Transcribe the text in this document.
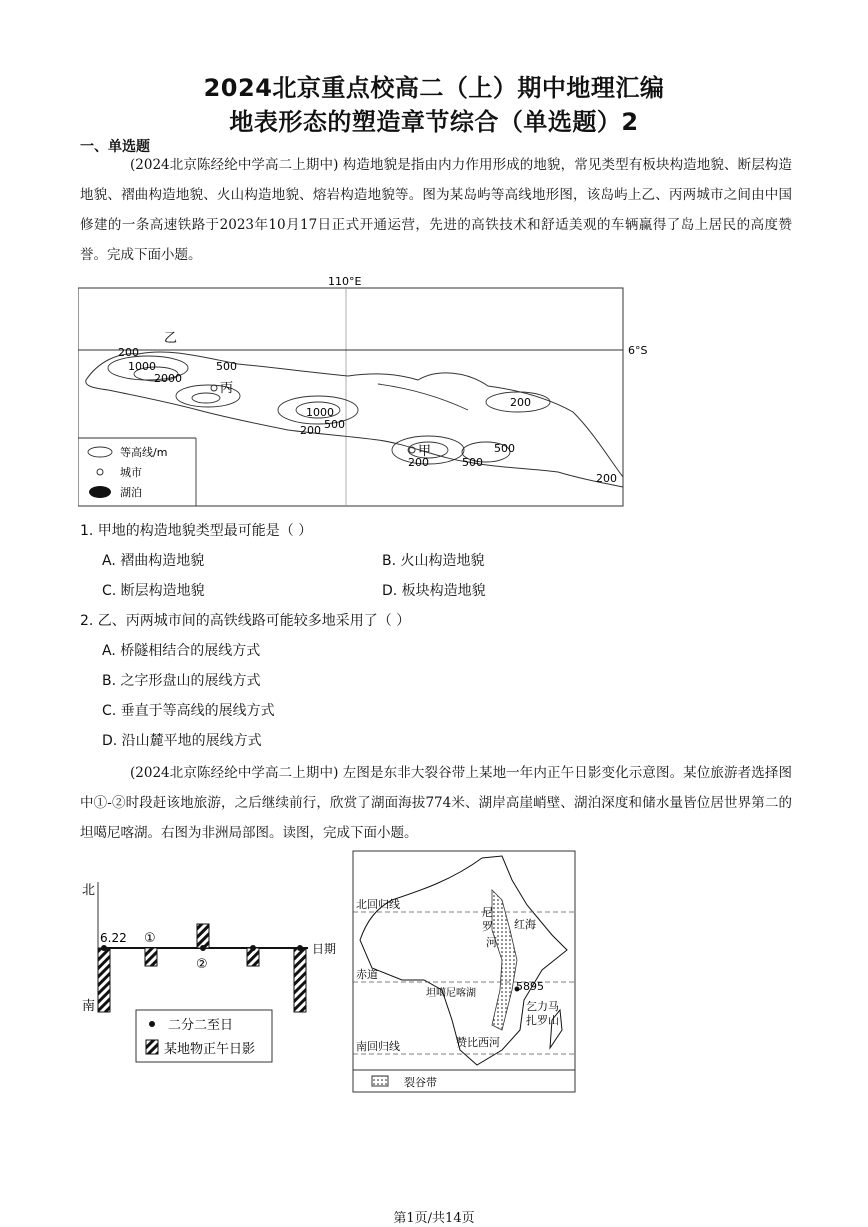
2024北京重点校高二（上）期中地理汇编
地表形态的塑造章节综合（单选题）2
一、单选题
(2024北京陈经纶中学高二上期中) 构造地貌是指由内力作用形成的地貌，常见类型有板块构造地貌、断层构造地貌、褶曲构造地貌、火山构造地貌、熔岩构造地貌等。图为某岛屿等高线地形图，该岛屿上乙、丙两城市之间由中国修建的一条高速铁路于2023年10月17日正式开通运营，先进的高铁技术和舒适美观的车辆赢得了岛上居民的高度赞誉。完成下面小题。
110°E
6°S
200
1000
2000
500
1000
200 500
200
500
500
200
200
乙
丙
甲
等高线/m
城市
湖泊
1. 甲地的构造地貌类型最可能是（ ）
A. 褶曲构造地貌	B. 火山构造地貌
C. 断层构造地貌	D. 板块构造地貌
2. 乙、丙两城市间的高铁线路可能较多地采用了（ ）
A. 桥隧相结合的展线方式
B. 之字形盘山的展线方式
C. 垂直于等高线的展线方式
D. 沿山麓平地的展线方式
(2024北京陈经纶中学高二上期中) 左图是东非大裂谷带上某地一年内正午日影变化示意图。某位旅游者选择图中①-②时段赶该地旅游，之后继续前行，欣赏了湖面海拔774米、湖岸高崖峭壁、湖泊深度和储水量皆位居世界第二的坦噶尼喀湖。右图为非洲局部图。读图，完成下面小题。
北
南
6.22
日期
①
②
二分二至日
某地物正午日影
北回归线
赤道
南回归线
尼
罗
河
红海
坦噶尼喀湖
5895
乞力马
扎罗山
赞比西河
裂谷带
第1页/共14页
